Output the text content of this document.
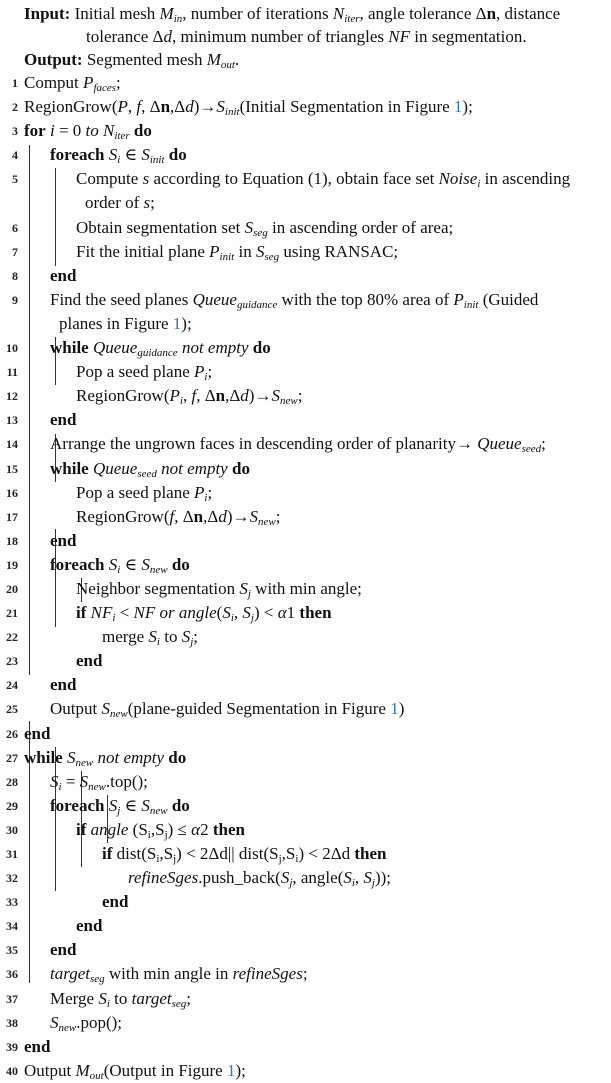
Input: Initial mesh $M_{in}$, number of iterations $N_{iter}$, angle tolerance Δn, distance
tolerance Δd, minimum number of triangles NF in segmentation.
Output: Segmented mesh $M_{out}$.
1 Comput $P_{faces}$;
2 RegionGrow(P, f, $\Delta n,\Delta d)\to S_{init}(Initial$ Segmentation in Figure 1);
3 for i = 0 to $N_{iter}$ do
4 foreach $S_i$ ∈ $S_{init}$ do
5	Compute s according to Equation (1), obtain face set Noise$_i$ in ascending
order of s;
6	Obtain segmentation set $S_{seg}$ in ascending order of area;
7	Fit the initial plane $P_{init}$ in $S_{seg}$ using RANSAC;
8 end
9 Find the seed planes Queue$_{guidance}$ with the top 80% area of $P_{init}$ (Guided
planes in Figure 1);
10 while Queue$_{guidance}$ not empty do
11	Pop a seed plane $P_i$;
12	$RegionGrow(P_i$, f, $\Delta n,\Delta d)\to S_{new}$;
13 end
14 Arrange the ungrown faces in descending order of planarity→ Queue$_{seed}$;
15 while Queue$_{seed}$ not empty do
16	Pop a seed plane $P_i$;
17	RegionGrow(f, $\Delta n,\Delta d)\to S_{new}$;
18 end
19 foreach $S_i$ ∈ $S_{new}$ do
20	Neighbor segmentation $S_j$ with min angle;
21	if $NF_i$ < NF or $angle(S_i$, $S_j) < \alpha 1$ then
22	merge $S_i$ to $S_j$;
23	end
24 end
25 Output $S_{new}(plane$-guided Segmentation in Figure 1)
26 end
27 while $S_{new}$ not empty do
28 $S_i = S_{new}.top()$;
29 foreach $S_j$ ∈ $S_{new}$ do
30	if angle $(S_i,S_j) \le \alpha 2$ then
31	if $dist(S_i,S_j) < 2\Delta d||$ $dist(S_j,S_i) < 2\Delta d$ then
32	$refineSges.push\_back(S_j$, $angle(S_i$, $S_j$));
33	end
34	end
35 end
36 target$_{seg}$ with min angle in refineSges;
37 Merge $S_i$ to target$_{seg}$;
38 $S_{new}.pop()$;
39 end
40 Output $M_{out}(Output$ in Figure 1);
